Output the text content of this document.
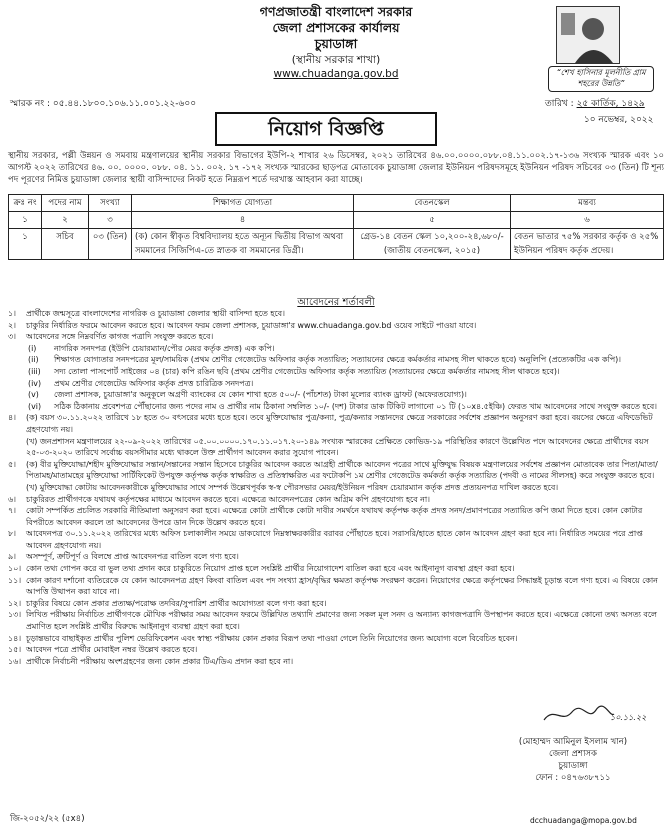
গণপ্রজাতন্ত্রী বাংলাদেশ সরকার
জেলা প্রশাসকের কার্যালয়
চুয়াডাঙ্গা
(স্থানীয় সরকার শাখা)
www.chuadanga.gov.bd	“শেখ হাসিনার মূলনীতি গ্রাম শহরের উন্নতি”
স্মারক নং : ০৫.৪৪.১৮০০.১০৬.১১.০০১.২২-৬০০	তারিখ : ২৫ কার্তিক, ১৪২৯
১০ নভেম্বর, ২০২২
নিয়োগ বিজ্ঞপ্তি
স্থানীয় সরকার, পল্লী উন্নয়ন ও সমবায় মন্ত্রণালয়ের স্থানীয় সরকার বিভাগের ইউপি-২ শাখার ২৬ ডিসেম্বর, ২০২১ তারিখের ৪৬.০০.০০০০.০৮৮.০৪.১১.০০২.১৭-১৩৬ সংখ্যক স্মারক এবং ১০ আগস্ট ২০২২ তারিখের ৪৬. ০০. ০০০০. ০৮৮. ০৪. ১১. ০০২. ১৭ -১৭২ সংখ্যক স্মারকের ছাড়পত্র মোতাবেক চুয়াডাঙ্গা জেলার ইউনিয়ন পরিষদসমূহে ইউনিয়ন পরিষদ সচিবের ০৩ (তিন) টি শূন্য পদ পূরণের নিমিত্ত চুয়াডাঙ্গা জেলার স্থায়ী বাসিন্দাদের নিকট হতে নিম্নরূপ শর্তে দরখাস্ত আহবান করা যাচ্ছে।
ক্রঃ নং	পদের নাম	সংখ্যা	শিক্ষাগত যোগ্যতা	বেতনস্কেল	মন্তব্য
১	২	৩	৪	৫	৬
১	সচিব	০৩ (তিন)	(ক) কোন স্বীকৃত বিশ্ববিদ্যালয় হতে অন্যূন দ্বিতীয় বিভাগ অথবা সমমানের সিজিপিএ-তে স্নাতক বা সমমানের ডিগ্রী।	গ্রেড-১৪ বেতন স্কেল ১০,২০০-২৪,৬৮০/- (জাতীয় বেতনস্কেল, ২০১৫)	বেতন ভাতার ৭৫% সরকার কর্তৃক ও ২৫% ইউনিয়ন পরিষদ কর্তৃক প্রদেয়।
আবেদনের শর্তাবলী
১।	প্রার্থীকে জন্মসূত্রে বাংলাদেশের নাগরিক ও চুয়াডাঙ্গা জেলার স্থায়ী বাসিন্দা হতে হবে।
২।	চাকুরির নির্ধারিত ফরমে আবেদন করতে হবে। আবেদন ফরম জেলা প্রশাসক, চুয়াডাঙ্গা'র www.chuadanga.gov.bd ওয়েব সাইটে পাওয়া যাবে।
৩।	আবেদনের সঙ্গে নিম্নবর্ণিত কাগজ পত্রাদি সংযুক্ত করতে হবে।
(i)	নাগরিক সনদপত্র (ইউপি চেয়ারম্যান/পৌর মেয়র কর্তৃক প্রদত্ত) এক কপি।
(ii)	শিক্ষাগত যোগ্যতার সনদপত্রের মূল/সাময়িক (প্রথম শ্রেণীর গেজেটেড অফিসার কর্তৃক সত্যায়িত; সত্যায়নের ক্ষেত্রে কর্মকর্তার নামসহ সীল থাকতে হবে) অনুলিপি (প্রত্যেকটির এক কপি)।
(iii)	সদ্য তোলা পাসপোর্ট সাইজের ০৪ (চার) কপি রঙিন ছবি (প্রথম শ্রেণীর গেজেটেড অফিসার কর্তৃক সত্যায়িত (সত্যায়নের ক্ষেত্রে কর্মকর্তার নামসহ সীল থাকতে হবে)।
(iv)	প্রথম শ্রেণীর গেজেটেড অফিসার কর্তৃক প্রদত্ত চারিত্রিক সনদপত্র।
(v)	জেলা প্রশাসক, চুয়াডাঙ্গা'র অনুকূলে অগ্রণী ব্যাংকের যে কোন শাখা হতে ৫০০/- (পাঁচশত) টাকা মূল্যের ব্যাংক ড্রাফট (অফেরতযোগ্য)।
(vi)	সঠিক ঠিকানায় প্রবেশপত্র পৌঁছানোর জন্য পদের নাম ও প্রার্থীর নাম ঠিকানা সম্বলিত ১০/- (দশ) টাকার ডাক টিকিট লাগানো ০১ টি (১০x৪.৫ইঞ্চি) ফেরত খাম আবেদনের সাথে সংযুক্ত করতে হবে।
৪।	(ক) বয়স ৩০.১১.২০২২ তারিখে ১৮ হতে ৩০ বৎসরের মধ্যে হতে হবে। তবে মুক্তিযোদ্ধার পুত্র/কন্যা, পুত্র/কন্যার সন্তানদের ক্ষেত্রে সরকারের সর্বশেষ প্রজ্ঞাপন অনুসরণ করা হবে। বয়সের ক্ষেত্রে এফিডেভিট গ্রহণযোগ্য নয়।
(খ) জনপ্রশাসন মন্ত্রণালয়ের ২২-০৯-২০২২ তারিখের ০৫.০০.০০০০.১৭০.১১.০১৭.২০-১৪৯ সংখ্যক স্মারকের প্রেক্ষিতে কোভিড-১৯ পরিস্থিতির কারণে উল্লেখিত পদে আবেদনের ক্ষেত্রে প্রার্থীদের বয়স ২৫-০৩-২০২০ তারিখে সর্বোচ্চ বয়সসীমার মধ্যে থাকলে উক্ত প্রার্থীগণ আবেদন করার সুযোগ পাবেন।
৫।	(ক) বীর মুক্তিযোদ্ধা/শহীদ মুক্তিযোদ্ধার সন্তান/সন্তানের সন্তান হিসেবে চাকুরির আবেদন করতে আগ্রহী প্রার্থীকে আবেদন পত্রের সাথে মুক্তিযুদ্ধ বিষয়ক মন্ত্রণালয়ের সর্বশেষ প্রজ্ঞাপন মোতাবেক তার পিতা/মাতা/পিতামহ/মাতামহের মুক্তিযোদ্ধা সার্টিফিকেট উপযুক্ত কর্তৃপক্ষ কর্তৃক স্বাক্ষরিত ও প্রতিস্বাক্ষরিত এর ফটোকপি ১ম শ্রেণীর গেজেটেড কর্মকর্তা কর্তৃক সত্যায়িত (পদবী ও নামের সীলসহ) করে সংযুক্ত করতে হবে।
(খ) মুক্তিযোদ্ধা কোটায় আবেদনকারীকে মুক্তিযোদ্ধার সাথে সম্পর্ক উল্লেখপূর্বক স্ব-স্ব পৌরসভার মেয়র/ইউনিয়ন পরিষদ চেয়ারম্যান কর্তৃক প্রদত্ত প্রত্যয়নপত্র দাখিল করতে হবে।
৬।	চাকুরিরত প্রার্থীগণকে যথাযথ কর্তৃপক্ষের মাধ্যমে আবেদন করতে হবে। এক্ষেত্রে আবেদনপত্রের কোন অগ্রিম কপি গ্রহণযোগ্য হবে না।
৭।	কোটা সম্পর্কিত প্রচলিত সরকারি নীতিমালা অনুসরণ করা হবে। এক্ষেত্রে কোটা প্রার্থীকে কোটা দাবীর সমর্থনে যথাযথ কর্তৃপক্ষ কর্তৃক প্রদত্ত সনদ/প্রমাণপত্রের সত্যায়িত কপি জমা দিতে হবে। কোন কোটার বিপরীতে আবেদন করলে তা আবেদনের উপরে ডান দিকে উল্লেখ করতে হবে।
৮।	আবেদনপত্র ৩০.১১.২০২২ তারিখের মধ্যে অফিস চলাকালীন সময়ে ডাকযোগে নিম্নস্বাক্ষরকারীর বরাবর পৌঁছাতে হবে। সরাসরি/হাতে হাতে কোন আবেদন গ্রহণ করা হবে না। নির্ধারিত সময়ের পরে প্রাপ্ত আবেদন গ্রহণযোগ্য নয়।
৯।	অসম্পূর্ণ, ক্রটিপূর্ণ ও বিলম্বে প্রাপ্ত আবেদনপত্র বাতিল বলে গণ্য হবে।
১০। কোন তথ্য গোপন করে বা ভুল তথ্য প্রদান করে চাকুরিতে নিয়োগ প্রাপ্ত হলে সংশ্লিষ্ট প্রার্থীর নিয়োগাদেশ বাতিল করা হবে এবং আইনানুগ ব্যবস্থা গ্রহণ করা হবে।
১১। কোন কারণ দর্শানো ব্যতিরেকে যে কোন আবেদনপত্র গ্রহণ কিংবা বাতিল এবং পদ সংখ্যা হ্রাস/বৃদ্ধির ক্ষমতা কর্তৃপক্ষ সংরক্ষণ করেন। নিয়োগের ক্ষেত্রে কর্তৃপক্ষের সিদ্ধান্তই চূড়ান্ত বলে গণ্য হবে। এ বিষয়ে কোন আপত্তি উত্থাপন করা যাবে না।
১২। চাকুরির বিষয়ে কোন প্রকার প্রত্যক্ষ/পরোক্ষ তদবির/সুপারিশ প্রার্থীর অযোগ্যতা বলে গণ্য করা হবে।
১৩। লিখিত পরীক্ষায় নির্বাচিত প্রার্থীগণকে মৌখিক পরীক্ষার সময় আবেদন ফরমে উল্লিখিত তথ্যাদি প্রমাণের জন্য সকল মূল সনদ ও অন্যান্য কাগজপত্রাদি উপস্থাপন করতে হবে। এক্ষেত্রে কোনো তথ্য অসত্য বলে প্রমাণিত হলে সংশ্লিষ্ট প্রার্থীর বিরুদ্ধে আইনানুগ ব্যবস্থা গ্রহণ করা হবে।
১৪। চূড়ান্তভাবে বাছাইকৃত প্রার্থীর পুলিশ ভেরিফিকেশন এবং স্বাস্থ্য পরীক্ষায় কোন প্রকার বিরূপ তথ্য পাওয়া গেলে তিনি নিয়োগের জন্য অযোগ্য বলে বিবেচিত হবেন।
১৫। আবেদন পত্রে প্রার্থীর মোবাইল নম্বর উল্লেখ করতে হবে।
১৬। প্রার্থীকে নির্বাচনী পরীক্ষায় অংশগ্রহণের জন্য কোন প্রকার টিএ/ডিএ প্রদান করা হবে না।
১০.১১.২২
(মোহাম্মদ আমিনুল ইসলাম খান)
জেলা প্রশাসক
চুয়াডাঙ্গা
ফোন : ০৪৭৬৩৮৭১১
জি-২০৫২/২২ (৫x৪)	dcchuadanga@mopa.gov.bd
